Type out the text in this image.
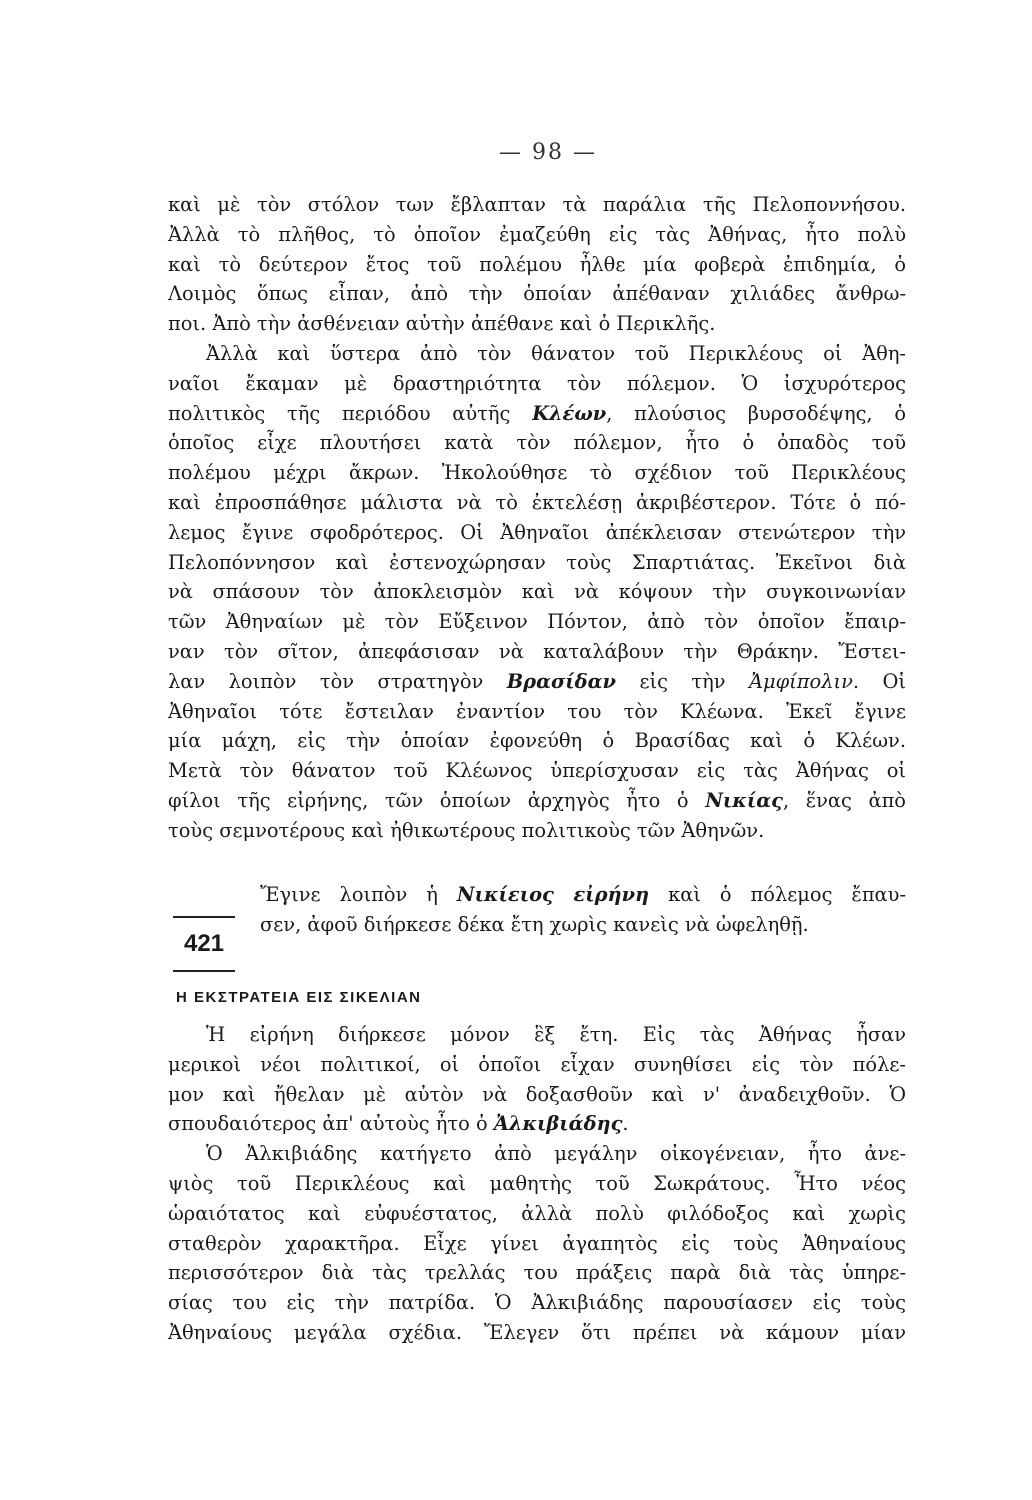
— 98 —
καὶ μὲ τὸν στόλον των ἔβλαπταν τὰ παράλια τῆς Πελοποννήσου.
Ἀλλὰ τὸ πλῆθος, τὸ ὁποῖον ἐμαζεύθη εἰς τὰς Ἀθήνας, ἦτο πολὺ
καὶ τὸ δεύτερον ἔτος τοῦ πολέμου ἦλθε μία φοβερὰ ἐπιδημία, ὁ
Λοιμὸς ὅπως εἶπαν, ἀπὸ τὴν ὁποίαν ἀπέθαναν χιλιάδες ἄνθρω-
ποι. Ἀπὸ τὴν ἀσθένειαν αὐτὴν ἀπέθανε καὶ ὁ Περικλῆς.
Ἀλλὰ καὶ ὕστερα ἀπὸ τὸν θάνατον τοῦ Περικλέους οἱ Ἀθη-
ναῖοι ἔκαμαν μὲ δραστηριότητα τὸν πόλεμον. Ὁ ἰσχυρότερος
πολιτικὸς τῆς περιόδου αὐτῆς Κλέων, πλούσιος βυρσοδέψης, ὁ
ὁποῖος εἶχε πλουτήσει κατὰ τὸν πόλεμον, ἦτο ὁ ὀπαδὸς τοῦ
πολέμου μέχρι ἄκρων. Ἠκολούθησε τὸ σχέδιον τοῦ Περικλέους
καὶ ἐπροσπάθησε μάλιστα νὰ τὸ ἐκτελέσῃ ἀκριβέστερον. Τότε ὁ πό-
λεμος ἔγινε σφοδρότερος. Οἱ Ἀθηναῖοι ἀπέκλεισαν στενώτερον τὴν
Πελοπόννησον καὶ ἐστενοχώρησαν τοὺς Σπαρτιάτας. Ἐκεῖνοι διὰ
νὰ σπάσουν τὸν ἀποκλεισμὸν καὶ νὰ κόψουν τὴν συγκοινωνίαν
τῶν Ἀθηναίων μὲ τὸν Εὔξεινον Πόντον, ἀπὸ τὸν ὁποῖον ἔπαιρ-
ναν τὸν σῖτον, ἀπεφάσισαν νὰ καταλάβουν τὴν Θράκην. Ἔστει-
λαν λοιπὸν τὸν στρατηγὸν Βρασίδαν εἰς τὴν Ἀμφίπολιν. Οἱ
Ἀθηναῖοι τότε ἔστειλαν ἐναντίον του τὸν Κλέωνα. Ἐκεῖ ἔγινε
μία μάχη, εἰς τὴν ὁποίαν ἐφονεύθη ὁ Βρασίδας καὶ ὁ Κλέων.
Μετὰ τὸν θάνατον τοῦ Κλέωνος ὑπερίσχυσαν εἰς τὰς Ἀθήνας οἱ
φίλοι τῆς εἰρήνης, τῶν ὁποίων ἀρχηγὸς ἦτο ὁ Νικίας, ἕνας ἀπὸ
τοὺς σεμνοτέρους καὶ ἠθικωτέρους πολιτικοὺς τῶν Ἀθηνῶν.
421
Ἔγινε λοιπὸν ἡ Νικίειος εἰρήνη καὶ ὁ πόλεμος ἔπαυ-
σεν, ἀφοῦ διήρκεσε δέκα ἔτη χωρὶς κανεὶς νὰ ὠφεληθῇ.
Η ΕΚΣΤΡΑΤΕΙΑ ΕΙΣ ΣΙΚΕΛΙΑΝ
Ἡ εἰρήνη διήρκεσε μόνον ἓξ ἔτη. Εἰς τὰς Ἀθήνας ἦσαν
μερικοὶ νέοι πολιτικοί, οἱ ὁποῖοι εἶχαν συνηθίσει εἰς τὸν πόλε-
μον καὶ ἤθελαν μὲ αὐτὸν νὰ δοξασθοῦν καὶ ν' ἀναδειχθοῦν. Ὁ
σπουδαιότερος ἀπ' αὐτοὺς ἦτο ὁ Ἀλκιβιάδης.
Ὁ Ἀλκιβιάδης κατήγετο ἀπὸ μεγάλην οἰκογένειαν, ἦτο ἀνε-
ψιὸς τοῦ Περικλέους καὶ μαθητὴς τοῦ Σωκράτους. Ἦτο νέος
ὡραιότατος καὶ εὐφυέστατος, ἀλλὰ πολὺ φιλόδοξος καὶ χωρὶς
σταθερὸν χαρακτῆρα. Εἶχε γίνει ἀγαπητὸς εἰς τοὺς Ἀθηναίους
περισσότερον διὰ τὰς τρελλάς του πράξεις παρὰ διὰ τὰς ὑπηρε-
σίας του εἰς τὴν πατρίδα. Ὁ Ἀλκιβιάδης παρουσίασεν εἰς τοὺς
Ἀθηναίους μεγάλα σχέδια. Ἔλεγεν ὅτι πρέπει νὰ κάμουν μίαν
